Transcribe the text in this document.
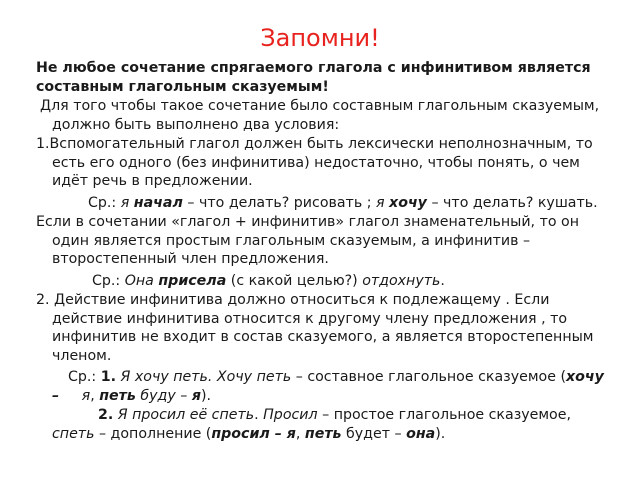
Запомни!

Не любое сочетание спрягаемого глагола с инфинитивом является составным глагольным сказуемым!

Для того чтобы такое сочетание было составным глагольным сказуемым, должно быть выполнено два условия:

1.Вспомогательный глагол должен быть лексически неполнозначным, то есть его одного (без инфинитива) недостаточно, чтобы понять, о чем идёт речь в предложении.

Ср.: я начал – что делать? рисовать ; я хочу – что делать? кушать.

Если в сочетании «глагол + инфинитив» глагол знаменательный, то он один является простым глагольным сказуемым, а инфинитив – второстепенный член предложения.

Ср.: Она присела (с какой целью?) отдохнуть.

2. Действие инфинитива должно относиться к подлежащему . Если действие инфинитива относится к другому члену предложения , то инфинитив не входит в состав сказуемого, а является второстепенным членом.

Ср.: 1. Я хочу петь. Хочу петь – составное глагольное сказуемое (хочу – я, петь буду – я).

2. Я просил её спеть. Просил – простое глагольное сказуемое, спеть – дополнение (просил – я, петь будет – она).
